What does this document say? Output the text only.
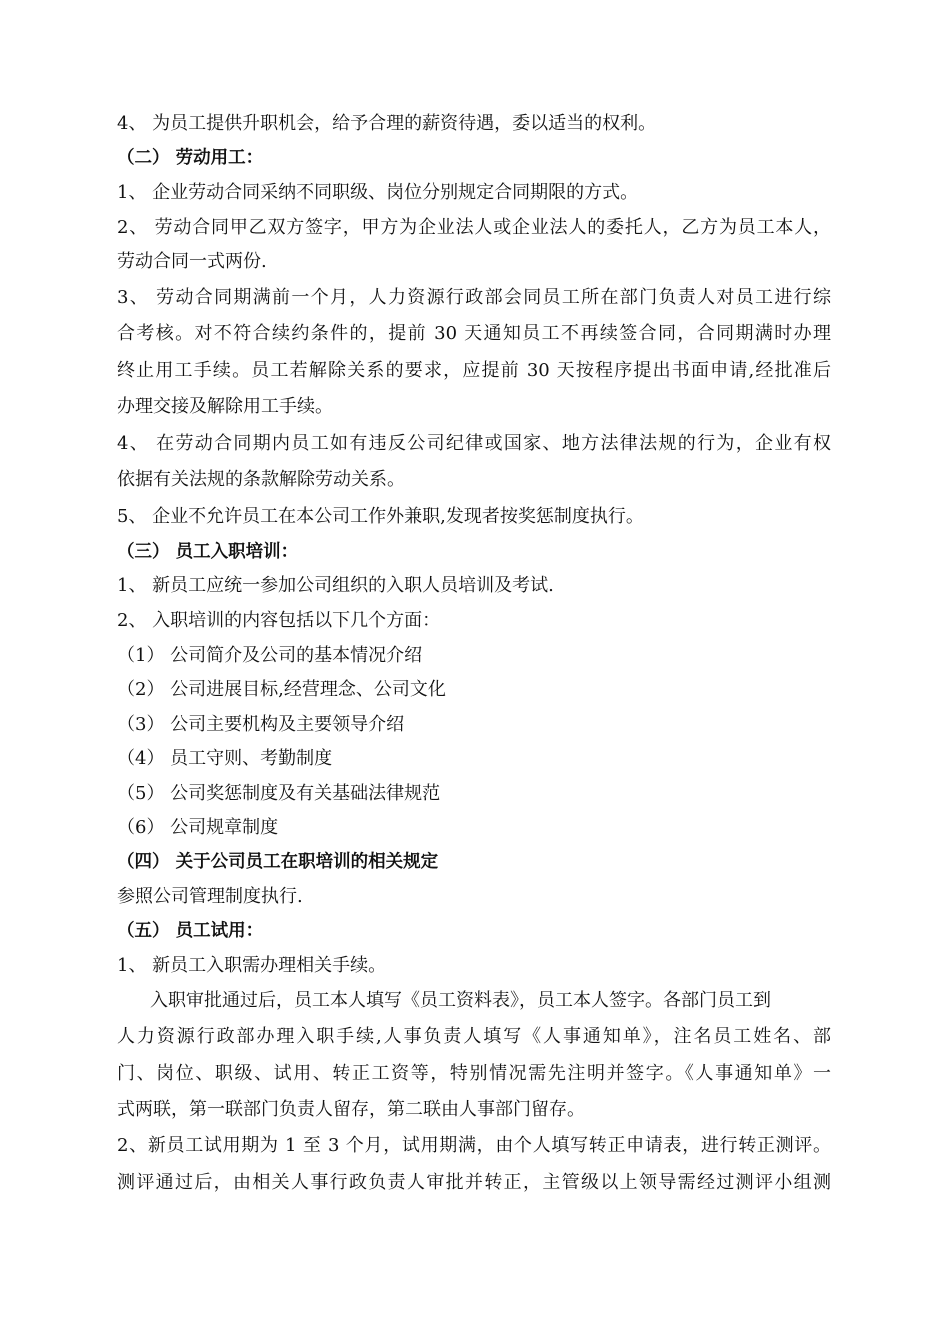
4、 为员工提供升职机会，给予合理的薪资待遇，委以适当的权利。
（二） 劳动用工：
1、 企业劳动合同采纳不同职级、岗位分别规定合同期限的方式。
2、 劳动合同甲乙双方签字，甲方为企业法人或企业法人的委托人，乙方为员工本人，
劳动合同一式两份.
3、 劳动合同期满前一个月，人力资源行政部会同员工所在部门负责人对员工进行综
合考核。对不符合续约条件的，提前 30 天通知员工不再续签合同，合同期满时办理
终止用工手续。员工若解除关系的要求，应提前 30 天按程序提出书面申请,经批准后
办理交接及解除用工手续。
4、 在劳动合同期内员工如有违反公司纪律或国家、地方法律法规的行为，企业有权
依据有关法规的条款解除劳动关系。
5、 企业不允许员工在本公司工作外兼职,发现者按奖惩制度执行。
（三） 员工入职培训：
1、 新员工应统一参加公司组织的入职人员培训及考试.
2、 入职培训的内容包括以下几个方面：
（1） 公司简介及公司的基本情况介绍
（2） 公司进展目标,经营理念、公司文化
（3） 公司主要机构及主要领导介绍
（4） 员工守则、考勤制度
（5） 公司奖惩制度及有关基础法律规范
（6） 公司规章制度
（四） 关于公司员工在职培训的相关规定
参照公司管理制度执行.
（五） 员工试用：
1、 新员工入职需办理相关手续。
入职审批通过后，员工本人填写《员工资料表》，员工本人签字。各部门员工到
人力资源行政部办理入职手续,人事负责人填写《人事通知单》，注名员工姓名、部
门、岗位、职级、试用、转正工资等，特别情况需先注明并签字。《人事通知单》一
式两联，第一联部门负责人留存，第二联由人事部门留存。
2、新员工试用期为 1 至 3 个月，试用期满，由个人填写转正申请表，进行转正测评。
测评通过后，由相关人事行政负责人审批并转正，主管级以上领导需经过测评小组测
